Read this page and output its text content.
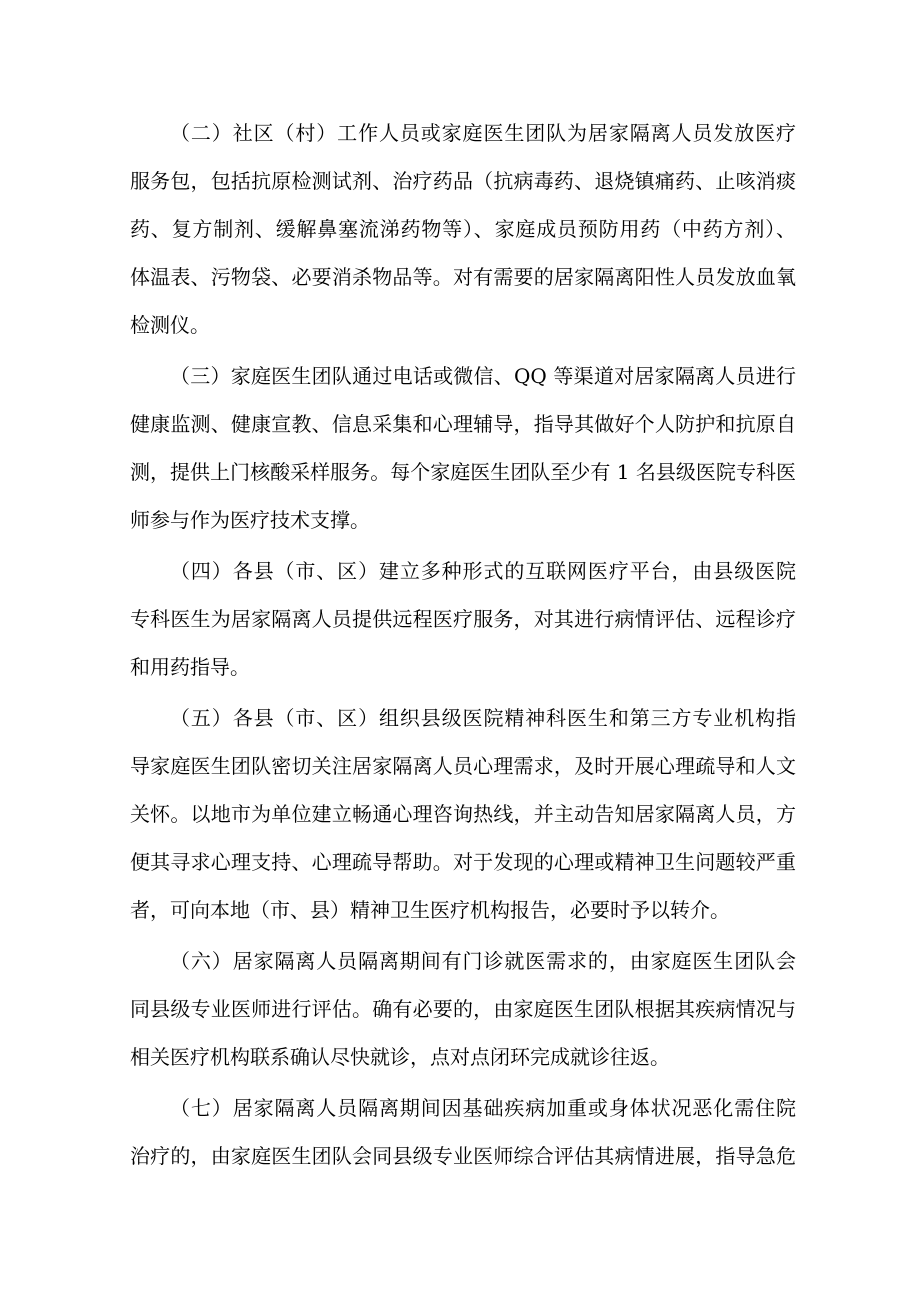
（二）社区（村）工作人员或家庭医生团队为居家隔离人员发放医疗
服务包，包括抗原检测试剂、治疗药品（抗病毒药、退烧镇痛药、止咳消痰
药、复方制剂、缓解鼻塞流涕药物等）、家庭成员预防用药（中药方剂）、
体温表、污物袋、必要消杀物品等。对有需要的居家隔离阳性人员发放血氧
检测仪。
（三）家庭医生团队通过电话或微信、QQ 等渠道对居家隔离人员进行
健康监测、健康宣教、信息采集和心理辅导，指导其做好个人防护和抗原自
测，提供上门核酸采样服务。每个家庭医生团队至少有 1 名县级医院专科医
师参与作为医疗技术支撑。
（四）各县（市、区）建立多种形式的互联网医疗平台，由县级医院
专科医生为居家隔离人员提供远程医疗服务，对其进行病情评估、远程诊疗
和用药指导。
（五）各县（市、区）组织县级医院精神科医生和第三方专业机构指
导家庭医生团队密切关注居家隔离人员心理需求，及时开展心理疏导和人文
关怀。以地市为单位建立畅通心理咨询热线，并主动告知居家隔离人员，方
便其寻求心理支持、心理疏导帮助。对于发现的心理或精神卫生问题较严重
者，可向本地（市、县）精神卫生医疗机构报告，必要时予以转介。
（六）居家隔离人员隔离期间有门诊就医需求的，由家庭医生团队会
同县级专业医师进行评估。确有必要的，由家庭医生团队根据其疾病情况与
相关医疗机构联系确认尽快就诊，点对点闭环完成就诊往返。
（七）居家隔离人员隔离期间因基础疾病加重或身体状况恶化需住院
治疗的，由家庭医生团队会同县级专业医师综合评估其病情进展，指导急危
